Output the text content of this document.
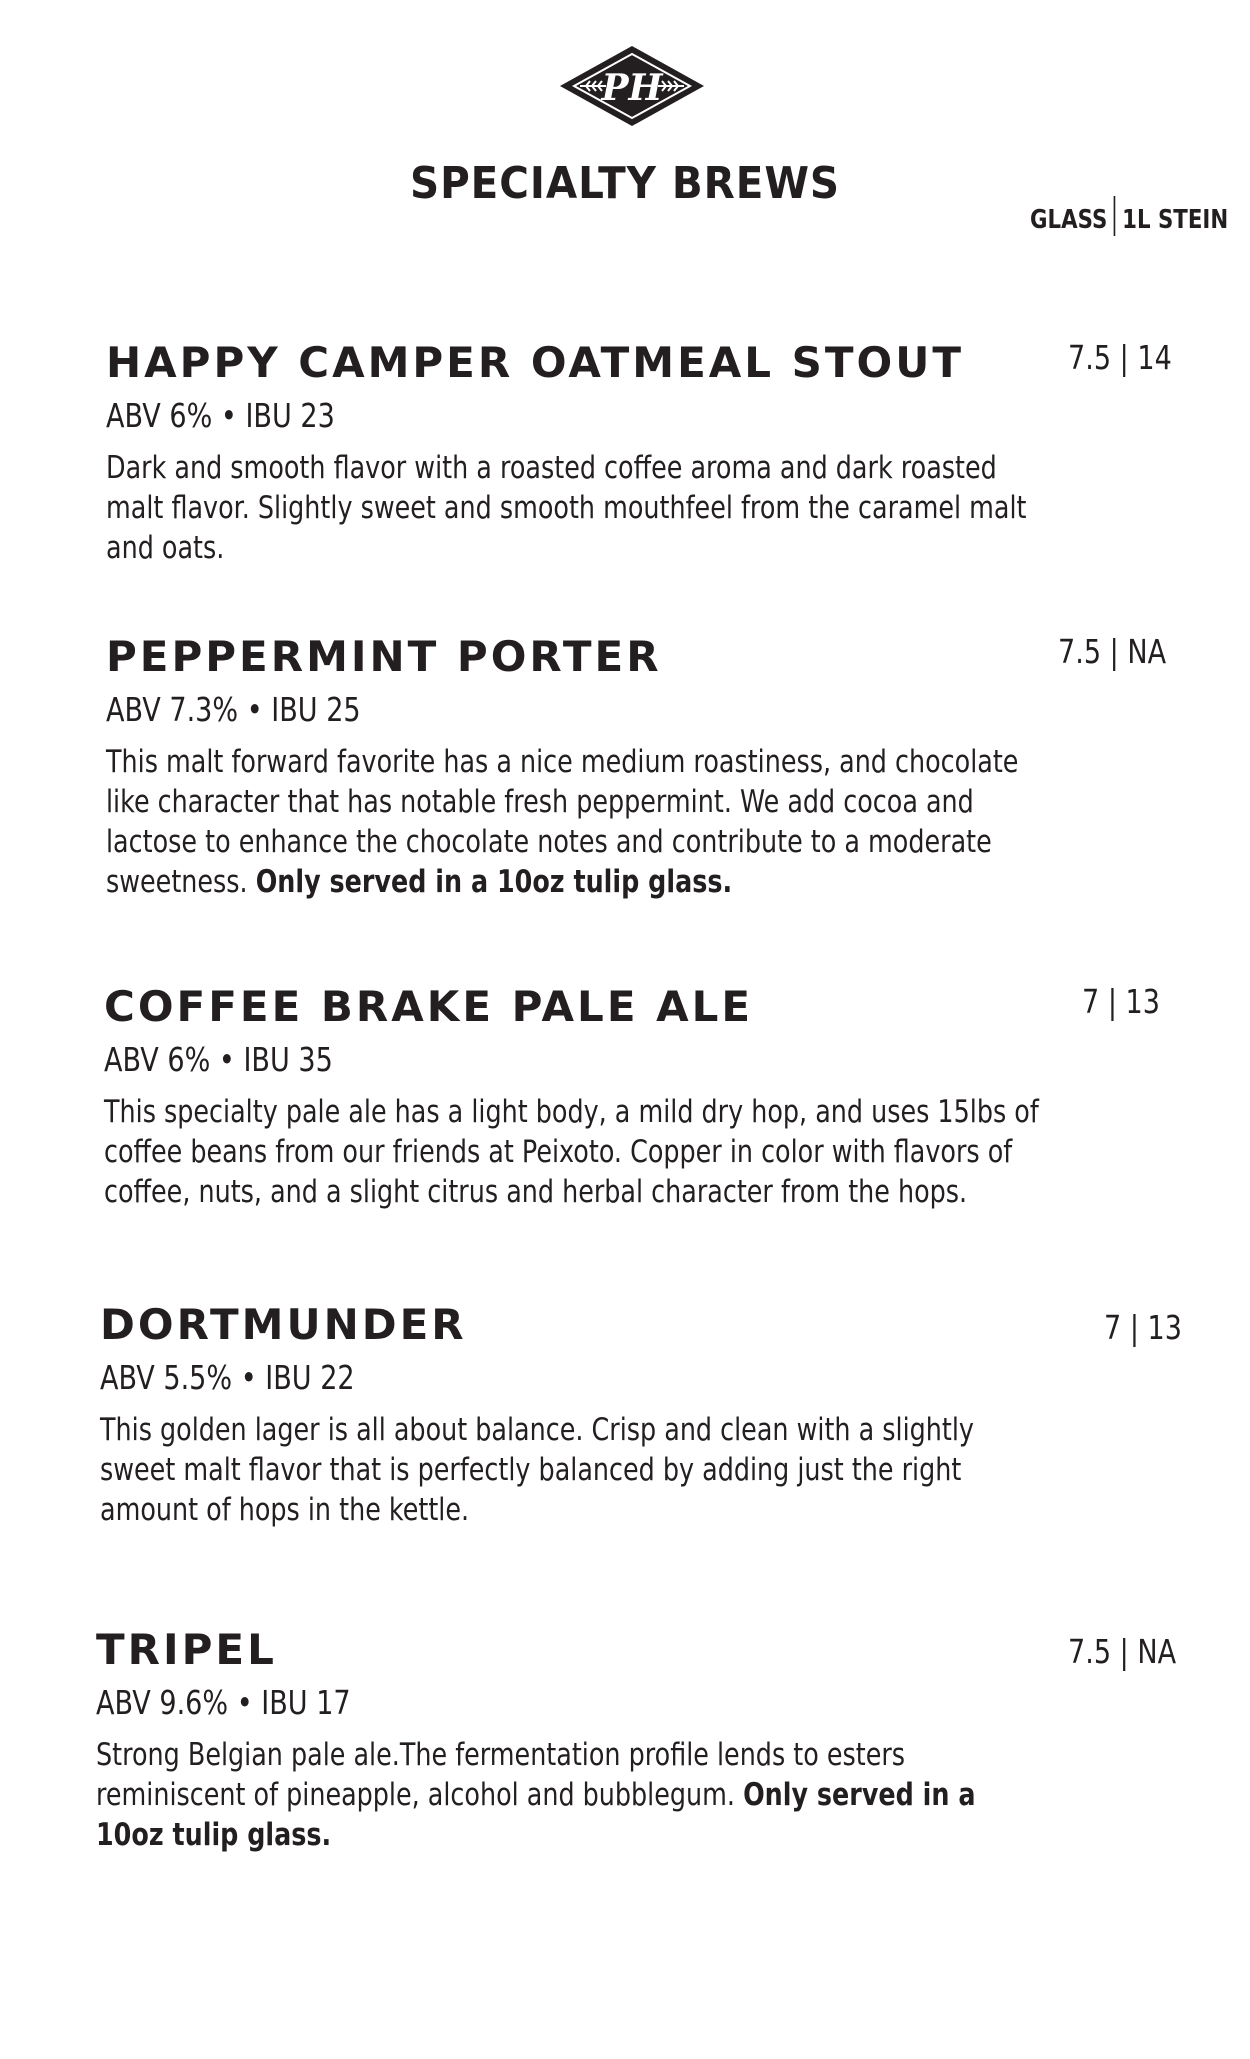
PH
SPECIALTY BREWS
GLASS 1L STEIN
HAPPY CAMPER OATMEAL STOUT
ABV 6% • IBU 23
Dark and smooth flavor with a roasted coffee aroma and dark roasted malt flavor. Slightly sweet and smooth mouthfeel from the caramel malt and oats.
7.5 | 14
PEPPERMINT PORTER
ABV 7.3% • IBU 25
This malt forward favorite has a nice medium roastiness, and chocolate like character that has notable fresh peppermint. We add cocoa and lactose to enhance the chocolate notes and contribute to a moderate sweetness. Only served in a 10oz tulip glass.
7.5 | NA
COFFEE BRAKE PALE ALE
ABV 6% • IBU 35
This specialty pale ale has a light body, a mild dry hop, and uses 15lbs of coffee beans from our friends at Peixoto. Copper in color with flavors of coffee, nuts, and a slight citrus and herbal character from the hops.
7 | 13
DORTMUNDER
ABV 5.5% • IBU 22
This golden lager is all about balance. Crisp and clean with a slightly sweet malt flavor that is perfectly balanced by adding just the right amount of hops in the kettle.
7 | 13
TRIPEL
ABV 9.6% • IBU 17
Strong Belgian pale ale.The fermentation profile lends to esters reminiscent of pineapple, alcohol and bubblegum. Only served in a 10oz tulip glass.
7.5 | NA
